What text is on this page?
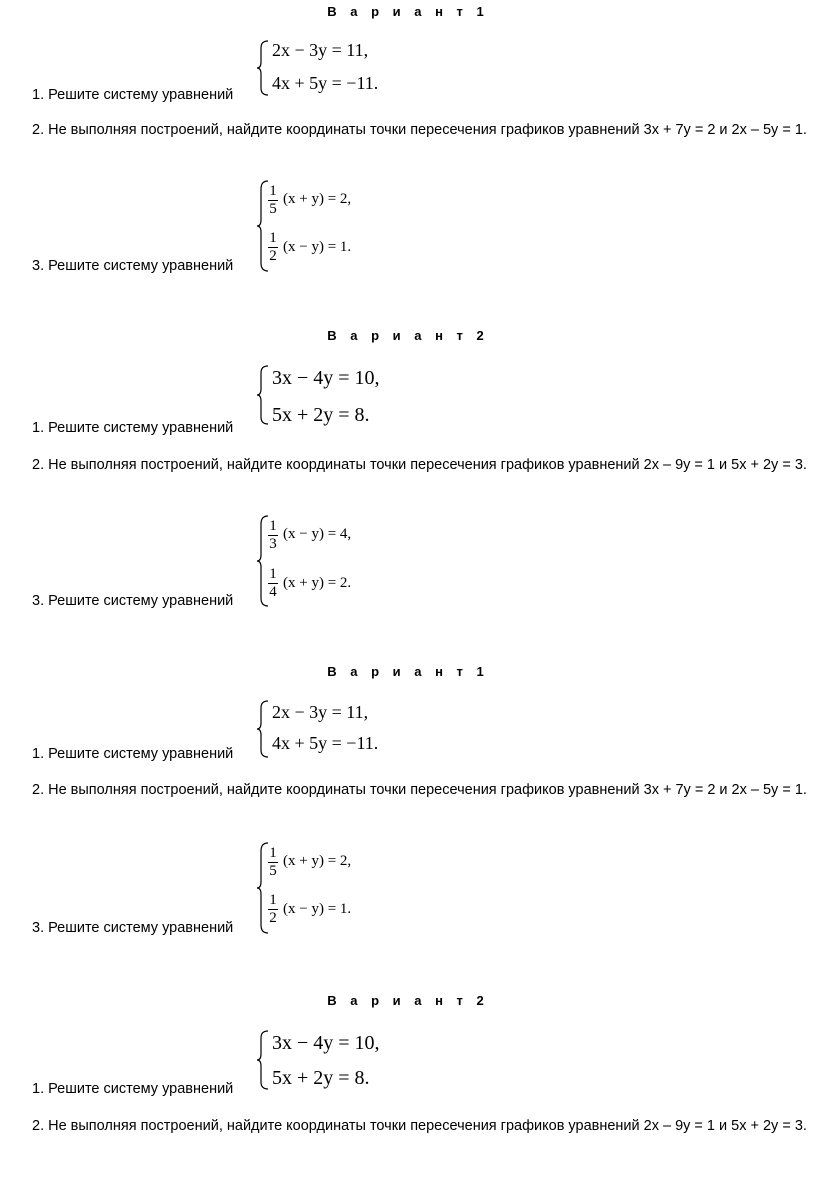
В а р и а н т 1
2x − 3y = 11,
4x + 5y = −11.
1. Решите систему уравнений
2. Не выполняя построений, найдите координаты точки пересечения графиков уравнений 3x + 7y = 2 и 2x – 5y = 1.
1
5
(x + y) = 2,
1
2
(x − y) = 1.
3. Решите систему уравнений
В а р и а н т 2
3x − 4y = 10,
5x + 2y = 8.
1. Решите систему уравнений
2. Не выполняя построений, найдите координаты точки пересечения графиков уравнений 2x – 9y = 1 и 5x + 2y = 3.
1
3
(x − y) = 4,
1
4
(x + y) = 2.
3. Решите систему уравнений
В а р и а н т 1
2x − 3y = 11,
4x + 5y = −11.
1. Решите систему уравнений
2. Не выполняя построений, найдите координаты точки пересечения графиков уравнений 3x + 7y = 2 и 2x – 5y = 1.
1
5
(x + y) = 2,
1
2
(x − y) = 1.
3. Решите систему уравнений
В а р и а н т 2
3x − 4y = 10,
5x + 2y = 8.
1. Решите систему уравнений
2. Не выполняя построений, найдите координаты точки пересечения графиков уравнений 2x – 9y = 1 и 5x + 2y = 3.
